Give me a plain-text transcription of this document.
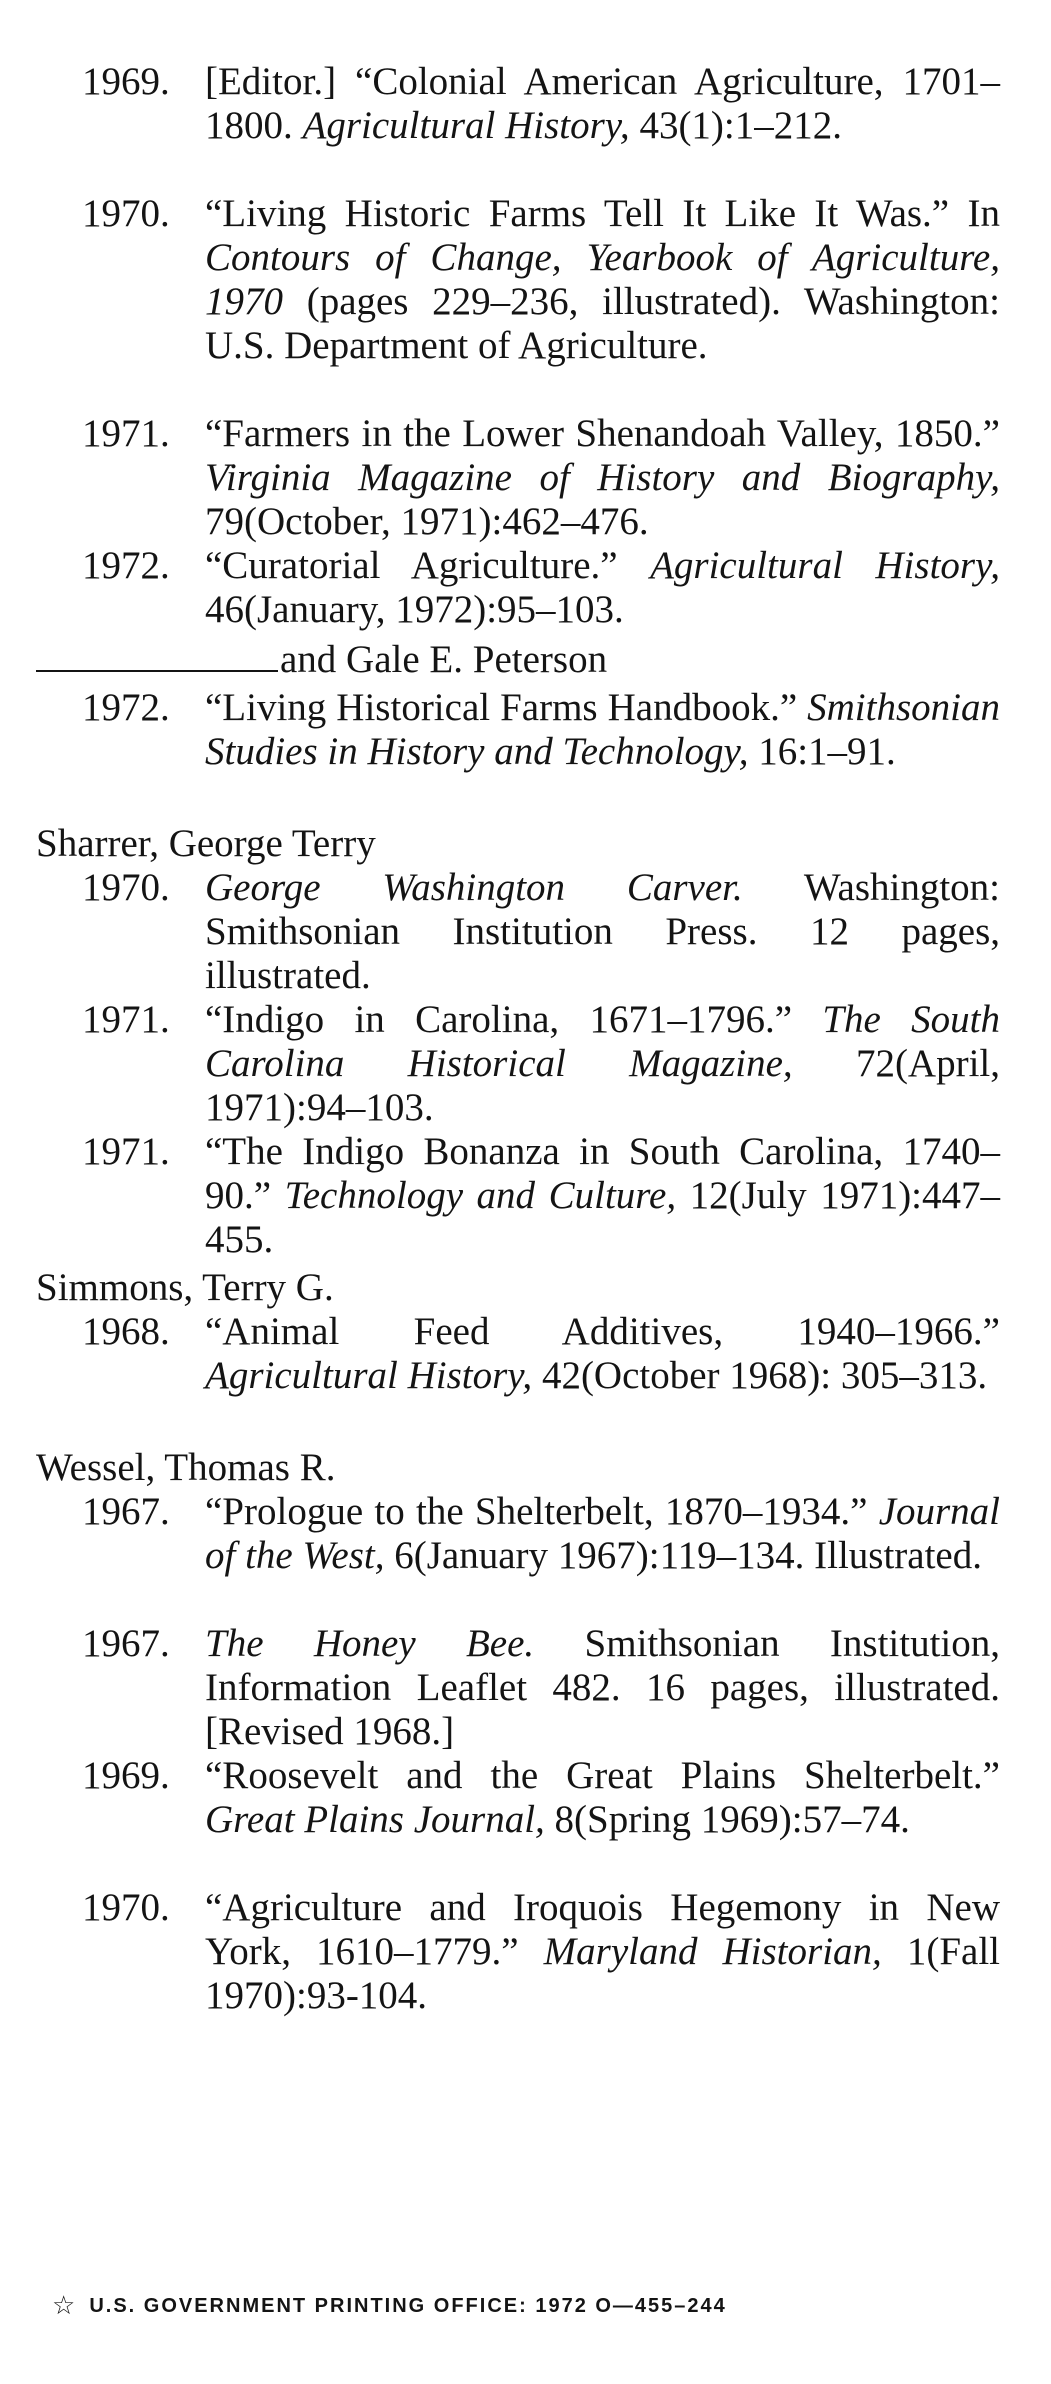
1969. [Editor.] “Colonial American Agriculture, 1701–1800. Agricultural History, 43(1):1–212.
1970. “Living Historic Farms Tell It Like It Was.” In Contours of Change, Yearbook of Agriculture, 1970 (pages 229–236, illustrated). Washington: U.S. Department of Agriculture.
1971. “Farmers in the Lower Shenandoah Valley, 1850.” Virginia Magazine of History and Biography, 79(October, 1971):462–476.
1972. “Curatorial Agriculture.” Agricultural History, 46(January, 1972):95–103.
and Gale E. Peterson
1972. “Living Historical Farms Handbook.” Smithsonian Studies in History and Technology, 16:1–91.
Sharrer, George Terry
1970. George Washington Carver. Washington: Smithsonian Institution Press. 12 pages, illustrated.
1971. “Indigo in Carolina, 1671–1796.” The South Carolina Historical Magazine, 72(April, 1971):94–103.
1971. “The Indigo Bonanza in South Carolina, 1740–90.” Technology and Culture, 12(July 1971):447–455.
Simmons, Terry G.
1968. “Animal Feed Additives, 1940–1966.” Agricultural History, 42(October 1968): 305–313.
Wessel, Thomas R.
1967. “Prologue to the Shelterbelt, 1870–1934.” Journal of the West, 6(January 1967):119–134. Illustrated.
1967. The Honey Bee. Smithsonian Institution, Information Leaflet 482. 16 pages, illustrated. [Revised 1968.]
1969. “Roosevelt and the Great Plains Shelterbelt.” Great Plains Journal, 8(Spring 1969):57–74.
1970. “Agriculture and Iroquois Hegemony in New York, 1610–1779.” Maryland Historian, 1(Fall 1970):93-104.
☆ U.S. GOVERNMENT PRINTING OFFICE: 1972 O—455–244
